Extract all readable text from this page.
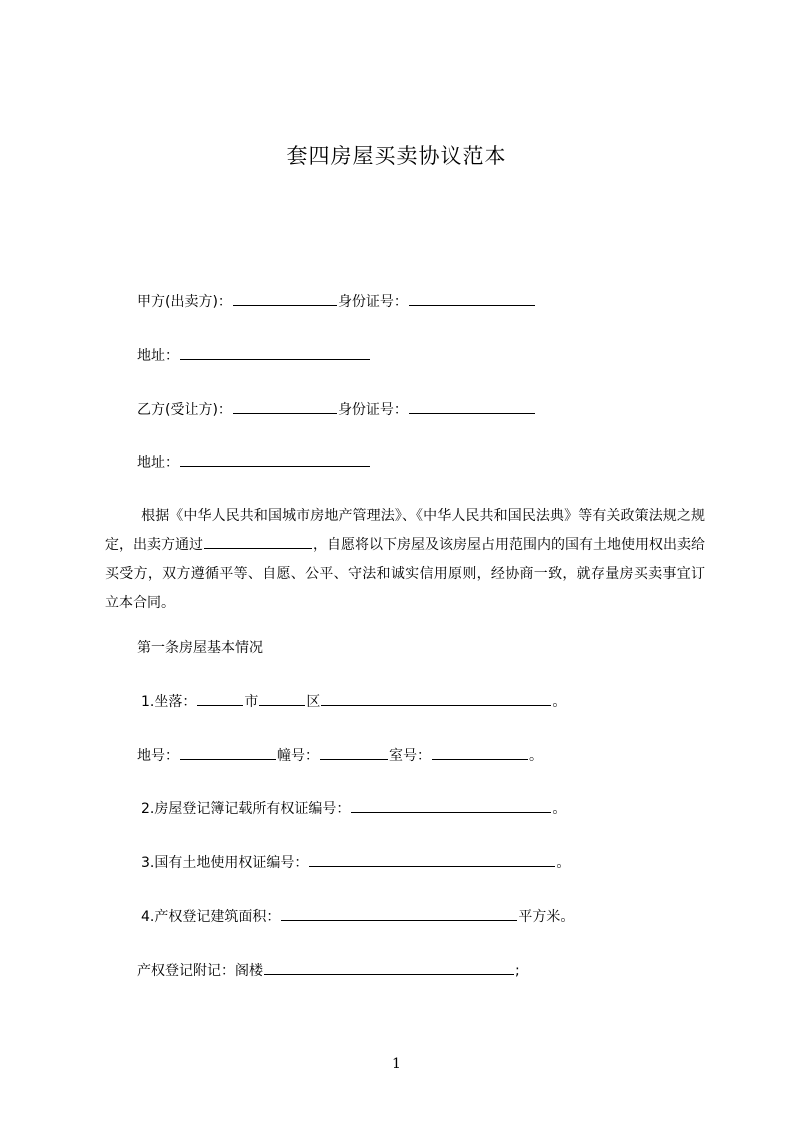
套四房屋买卖协议范本
甲方(出卖方)：	身份证号：
地址：
乙方(受让方)：	身份证号：
地址：
根据《中华人民共和国城市房地产管理法》、《中华人民共和国民法典》等有关政策法规之规定，出卖方通过	，自愿将以下房屋及该房屋占用范围内的国有土地使用权出卖给买受方，双方遵循平等、自愿、公平、守法和诚实信用原则，经协商一致，就存量房买卖事宜订立本合同。
第一条房屋基本情况
1.坐落：	市	区	。
地号：	幢号：	室号：	。
2.房屋登记簿记载所有权证编号：	。
3.国有土地使用权证编号：	。
4.产权登记建筑面积：	平方米。
产权登记附记：阁楼	;
1
